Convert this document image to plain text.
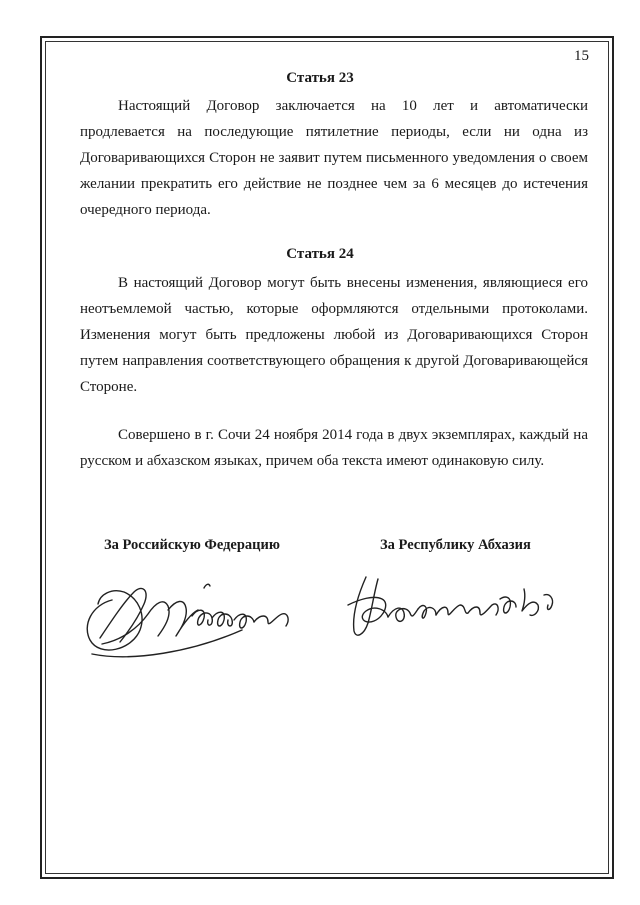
15
Статья 23

Настоящий Договор заключается на 10 лет и автоматически продлевается на последующие пятилетние периоды, если ни одна из Договаривающихся Сторон не заявит путем письменного уведомления о своем желании прекратить его действие не позднее чем за 6 месяцев до истечения очередного периода.

Статья 24

В настоящий Договор могут быть внесены изменения, являющиеся его неотъемлемой частью, которые оформляются отдельными протоколами. Изменения могут быть предложены любой из Договаривающихся Сторон путем направления соответствующего обращения к другой Договаривающейся Стороне.

Совершено в г. Сочи 24 ноября 2014 года в двух экземплярах, каждый на русском и абхазском языках, причем оба текста имеют одинаковую силу.

За Российскую Федерацию	За Республику Абхазия
